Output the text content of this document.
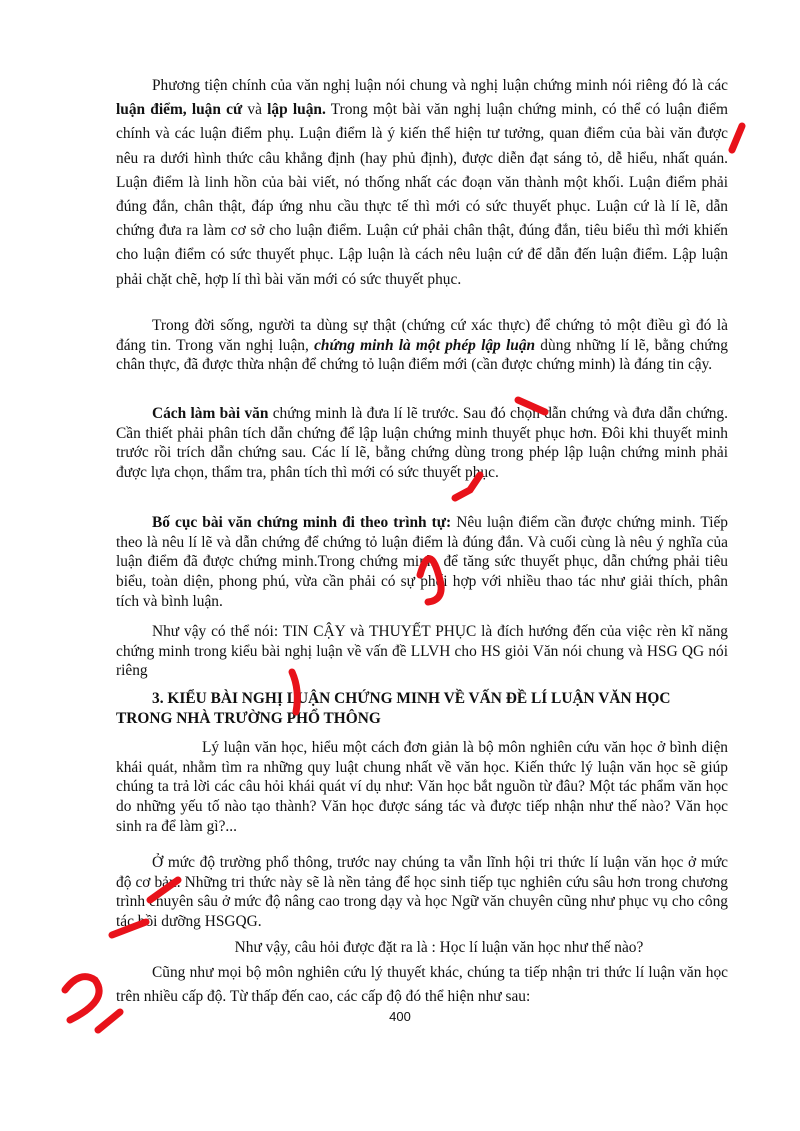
Phương tiện chính của văn nghị luận nói chung và nghị luận chứng minh nói riêng đó là các luận điểm, luận cứ và lập luận. Trong một bài văn nghị luận chứng minh, có thể có luận điểm chính và các luận điểm phụ. Luận điểm là ý kiến thể hiện tư tưởng, quan điểm của bài văn được nêu ra dưới hình thức câu khẳng định (hay phủ định), được diễn đạt sáng tỏ, dễ hiểu, nhất quán. Luận điểm là linh hồn của bài viết, nó thống nhất các đoạn văn thành một khối. Luận điểm phải đúng đắn, chân thật, đáp ứng nhu cầu thực tế thì mới có sức thuyết phục. Luận cứ là lí lẽ, dẫn chứng đưa ra làm cơ sở cho luận điểm. Luận cứ phải chân thật, đúng đắn, tiêu biểu thì mới khiến cho luận điểm có sức thuyết phục. Lập luận là cách nêu luận cứ để dẫn đến luận điểm. Lập luận phải chặt chẽ, hợp lí thì bài văn mới có sức thuyết phục.

Trong đời sống, người ta dùng sự thật (chứng cứ xác thực) để chứng tỏ một điều gì đó là đáng tin. Trong văn nghị luận, chứng minh là một phép lập luận dùng những lí lẽ, bằng chứng chân thực, đã được thừa nhận để chứng tỏ luận điểm mới (cần được chứng minh) là đáng tin cậy.

Cách làm bài văn chứng minh là đưa lí lẽ trước. Sau đó chọn dẫn chứng và đưa dẫn chứng. Cần thiết phải phân tích dẫn chứng để lập luận chứng minh thuyết phục hơn. Đôi khi thuyết minh trước rồi trích dẫn chứng sau. Các lí lẽ, bằng chứng dùng trong phép lập luận chứng minh phải được lựa chọn, thẩm tra, phân tích thì mới có sức thuyết phục.

Bố cục bài văn chứng minh đi theo trình tự: Nêu luận điểm cần được chứng minh. Tiếp theo là nêu lí lẽ và dẫn chứng để chứng tỏ luận điểm là đúng đắn. Và cuối cùng là nêu ý nghĩa của luận điểm đã được chứng minh.Trong chứng minh, để tăng sức thuyết phục, dẫn chứng phải tiêu biểu, toàn diện, phong phú, vừa cần phải có sự phối hợp với nhiều thao tác như giải thích, phân tích và bình luận.

Như vậy có thể nói: TIN CẬY và THUYẾT PHỤC là đích hướng đến của việc rèn kĩ năng chứng minh trong kiểu bài nghị luận về vấn đề LLVH cho HS giỏi Văn nói chung và HSG QG nói riêng

3. KIỂU BÀI NGHỊ LUẬN CHỨNG MINH VỀ VẤN ĐỀ LÍ LUẬN VĂN HỌC TRONG NHÀ TRƯỜNG PHỔ THÔNG

Lý luận văn học, hiểu một cách đơn giản là bộ môn nghiên cứu văn học ở bình diện khái quát, nhằm tìm ra những quy luật chung nhất về văn học. Kiến thức lý luận văn học sẽ giúp chúng ta trả lời các câu hỏi khái quát ví dụ như: Văn học bắt nguồn từ đâu? Một tác phẩm văn học do những yếu tố nào tạo thành? Văn học được sáng tác và được tiếp nhận như thế nào? Văn học sinh ra để làm gì?...

Ở mức độ trường phổ thông, trước nay chúng ta vẫn lĩnh hội tri thức lí luận văn học ở mức độ cơ bản. Những tri thức này sẽ là nền tảng để học sinh tiếp tục nghiên cứu sâu hơn trong chương trình chuyên sâu ở mức độ nâng cao trong dạy và học Ngữ văn chuyên cũng như phục vụ cho công tác bồi dưỡng HSGQG.

Như vậy, câu hỏi được đặt ra là : Học lí luận văn học như thế nào?

Cũng như mọi bộ môn nghiên cứu lý thuyết khác, chúng ta tiếp nhận tri thức lí luận văn học trên nhiều cấp độ. Từ thấp đến cao, các cấp độ đó thể hiện như sau:

400
